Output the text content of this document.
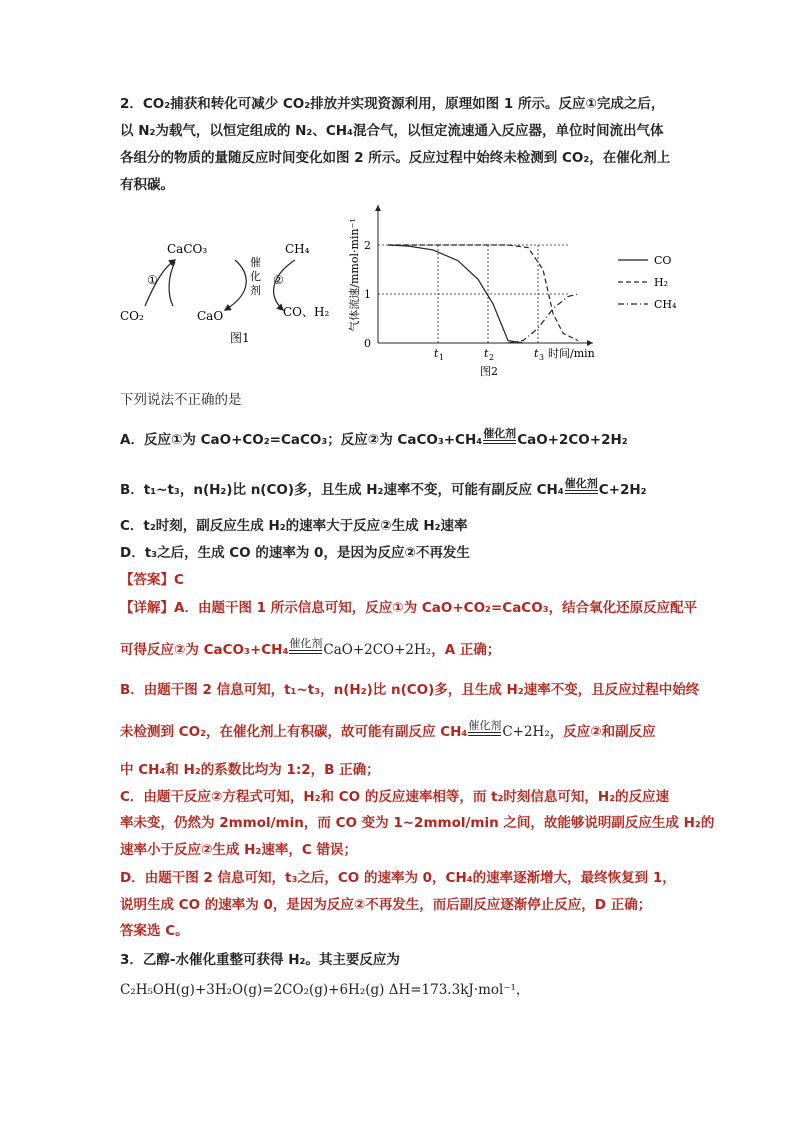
2．CO₂捕获和转化可减少 CO₂排放并实现资源利用，原理如图 1 所示。反应①完成之后，
以 N₂为载气，以恒定组成的 N₂、CH₄混合气，以恒定流速通入反应器，单位时间流出气体
各组分的物质的量随反应时间变化如图 2 所示。反应过程中始终未检测到 CO₂，在催化剂上
有积碳。
CaCO₃	CH₄
CO₂	CaO	CO、H₂
①	②
催
化
剂
图1	0
1
2
t 1	t 2	t 3
气体流速/mmol·min⁻¹
时间/min
图2
CO
H₂
CH₄
下列说法不正确的是
A．反应①为 CaO+CO₂=CaCO₃；反应②为 CaCO₃+CH₄ 催化剂 CaO+2CO+2H₂
B．t₁~t₃，n(H₂)比 n(CO)多，且生成 H₂速率不变，可能有副反应 CH₄ 催化剂 C+2H₂
C．t₂时刻，副反应生成 H₂的速率大于反应②生成 H₂速率
D．t₃之后，生成 CO 的速率为 0，是因为反应②不再发生
【答案】C
【详解】A．由题干图 1 所示信息可知，反应①为 CaO+CO₂=CaCO₃，结合氧化还原反应配平
可得反应②为 CaCO₃+CH₄ 催化剂 CaO+2CO+2H₂，A 正确；
B．由题干图 2 信息可知，t₁~t₃，n(H₂)比 n(CO)多，且生成 H₂速率不变，且反应过程中始终
未检测到 CO₂，在催化剂上有积碳，故可能有副反应 CH₄ 催化剂 C+2H₂，反应②和副反应
中 CH₄和 H₂的系数比均为 1:2，B 正确；
C．由题干反应②方程式可知，H₂和 CO 的反应速率相等，而 t₂时刻信息可知，H₂的反应速
率未变，仍然为 2mmol/min，而 CO 变为 1~2mmol/min 之间，故能够说明副反应生成 H₂的
速率小于反应②生成 H₂速率，C 错误；
D．由题干图 2 信息可知，t₃之后，CO 的速率为 0，CH₄的速率逐渐增大，最终恢复到 1，
说明生成 CO 的速率为 0，是因为反应②不再发生，而后副反应逐渐停止反应，D 正确；
答案选 C。
3．乙醇-水催化重整可获得 H₂。其主要反应为
C₂H₅OH(g)+3H₂O(g)=2CO₂(g)+6H₂(g) ΔH=173.3kJ·mol⁻¹，
